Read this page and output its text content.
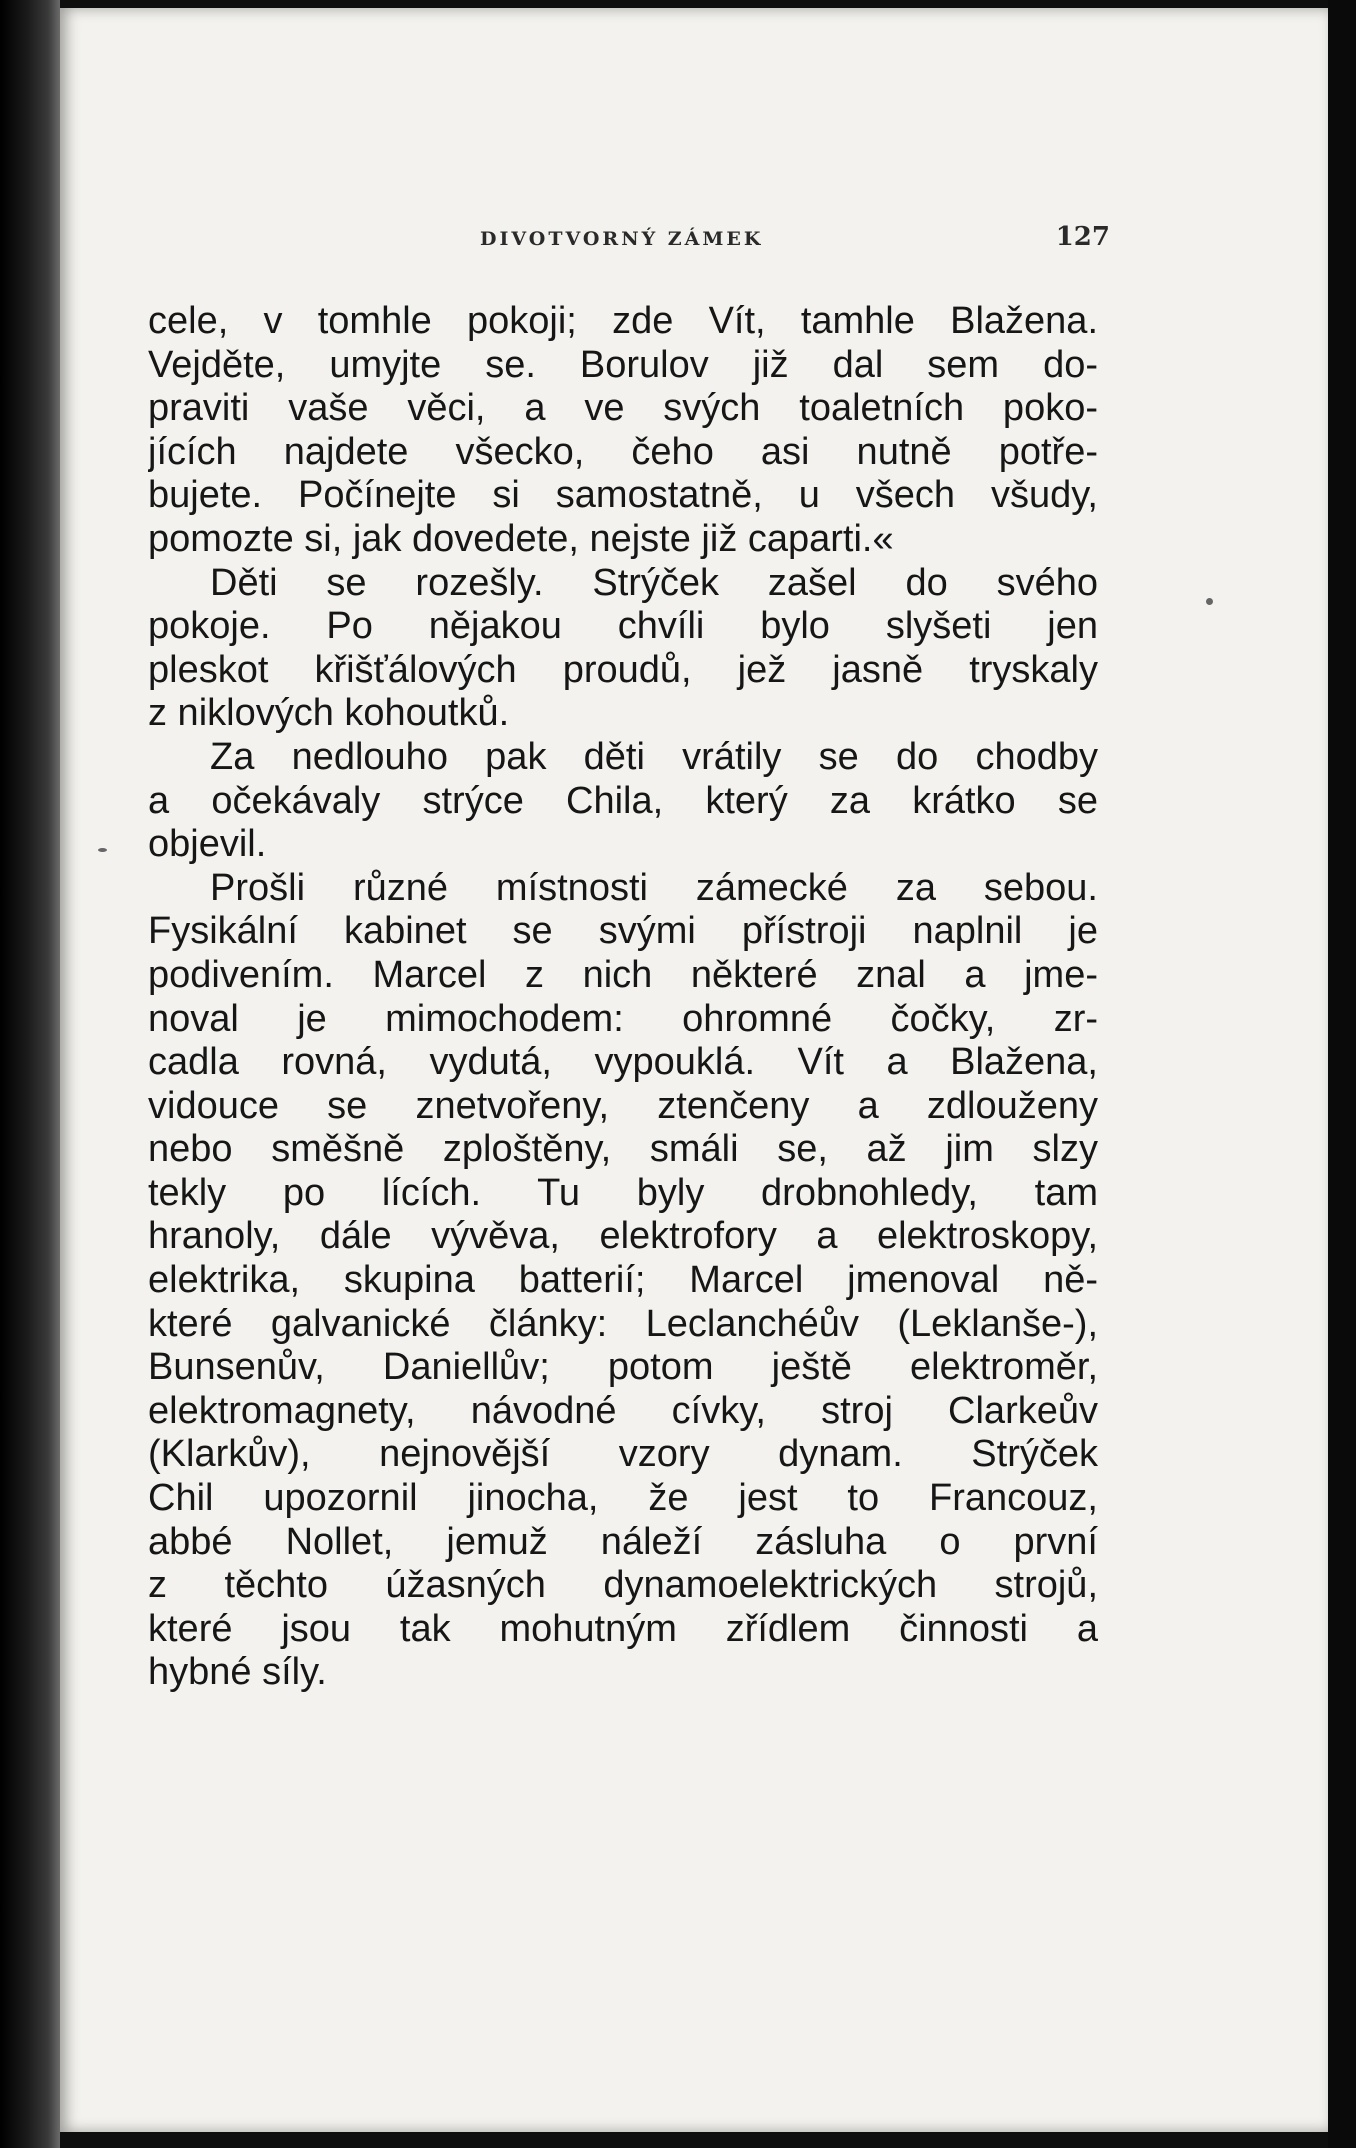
DIVOTVORNÝ ZÁMEK	127
cele, v tomhle pokoji; zde Vít, tamhle Blažena.
Vejděte, umyjte se. Borulov již dal sem do-
praviti vaše věci, a ve svých toaletních poko-
jících najdete všecko, čeho asi nutně potře-
bujete. Počínejte si samostatně, u všech všudy,
pomozte si, jak dovedete, nejste již caparti.«
Děti se rozešly. Strýček zašel do svého
pokoje. Po nějakou chvíli bylo slyšeti jen
pleskot křišťálových proudů, jež jasně tryskaly
z niklových kohoutků.
Za nedlouho pak děti vrátily se do chodby
a očekávaly strýce Chila, který za krátko se
objevil.
Prošli různé místnosti zámecké za sebou.
Fysikální kabinet se svými přístroji naplnil je
podivením. Marcel z nich některé znal a jme-
noval je mimochodem: ohromné čočky, zr-
cadla rovná, vydutá, vypouklá. Vít a Blažena,
vidouce se znetvořeny, ztenčeny a zdlouženy
nebo směšně zploštěny, smáli se, až jim slzy
tekly po lících. Tu byly drobnohledy, tam
hranoly, dále vývěva, elektrofory a elektroskopy,
elektrika, skupina batterií; Marcel jmenoval ně-
které galvanické články: Leclanchéův (Leklanše-),
Bunsenův, Daniellův; potom ještě elektroměr,
elektromagnety, návodné cívky, stroj Clarkeův
(Klarkův), nejnovější vzory dynam. Strýček
Chil upozornil jinocha, že jest to Francouz,
abbé Nollet, jemuž náleží zásluha o první
z těchto úžasných dynamoelektrických strojů,
které jsou tak mohutným zřídlem činnosti a
hybné síly.
